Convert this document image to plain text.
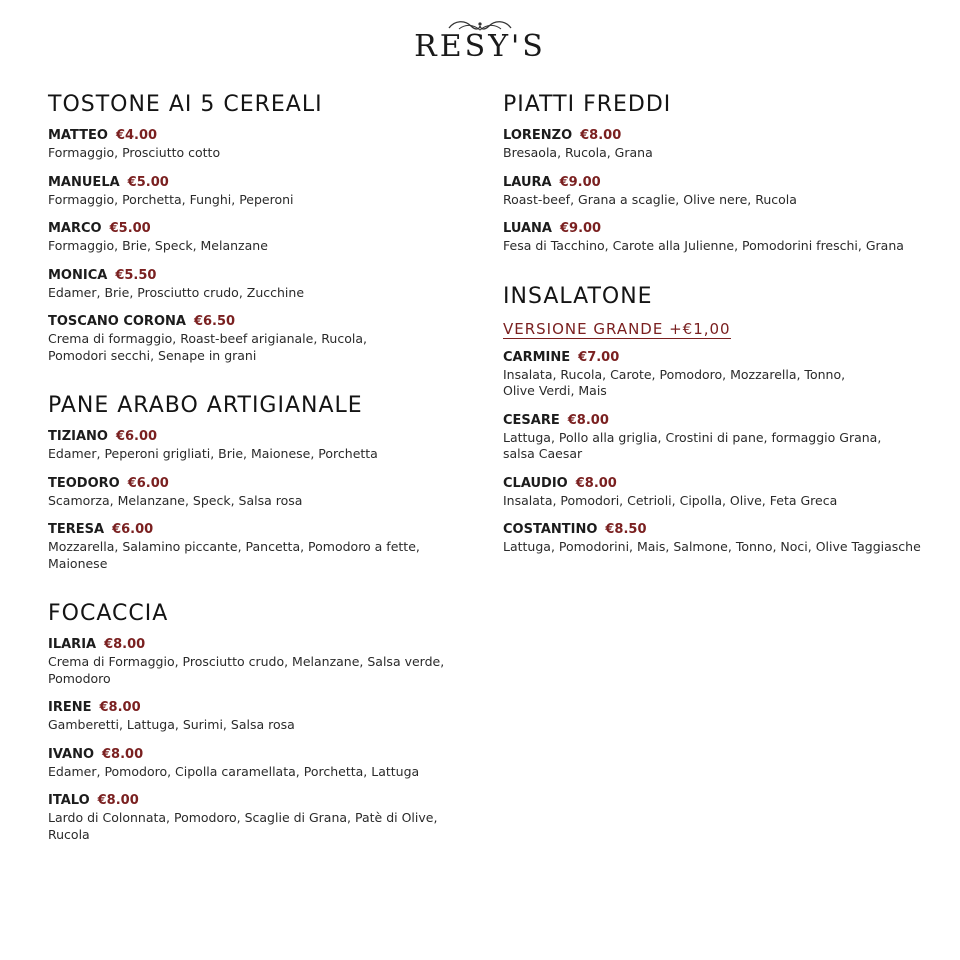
RESY'S
TOSTONE AI 5 CEREALI
MATTEO €4.00
Formaggio, Prosciutto cotto
MANUELA €5.00
Formaggio, Porchetta, Funghi, Peperoni
MARCO €5.00
Formaggio, Brie, Speck, Melanzane
MONICA €5.50
Edamer, Brie, Prosciutto crudo, Zucchine
TOSCANO CORONA €6.50
Crema di formaggio, Roast-beef arigianale, Rucola,
Pomodori secchi, Senape in grani
PANE ARABO ARTIGIANALE
TIZIANO €6.00
Edamer, Peperoni grigliati, Brie, Maionese, Porchetta
TEODORO €6.00
Scamorza, Melanzane, Speck, Salsa rosa
TERESA €6.00
Mozzarella, Salamino piccante, Pancetta, Pomodoro a fette, Maionese
FOCACCIA
ILARIA €8.00
Crema di Formaggio, Prosciutto crudo, Melanzane, Salsa verde,
Pomodoro
IRENE €8.00
Gamberetti, Lattuga, Surimi, Salsa rosa
IVANO €8.00
Edamer, Pomodoro, Cipolla caramellata, Porchetta, Lattuga
ITALO €8.00
Lardo di Colonnata, Pomodoro, Scaglie di Grana, Patè di Olive, Rucola
PIATTI FREDDI
LORENZO €8.00
Bresaola, Rucola, Grana
LAURA €9.00
Roast-beef, Grana a scaglie, Olive nere, Rucola
LUANA €9.00
Fesa di Tacchino, Carote alla Julienne, Pomodorini freschi, Grana
INSALATONE
VERSIONE GRANDE +€1,00
CARMINE €7.00
Insalata, Rucola, Carote, Pomodoro, Mozzarella, Tonno,
Olive Verdi, Mais
CESARE €8.00
Lattuga, Pollo alla griglia, Crostini di pane, formaggio Grana,
salsa Caesar
CLAUDIO €8.00
Insalata, Pomodori, Cetrioli, Cipolla, Olive, Feta Greca
COSTANTINO €8.50
Lattuga, Pomodorini, Mais, Salmone, Tonno, Noci, Olive Taggiasche
